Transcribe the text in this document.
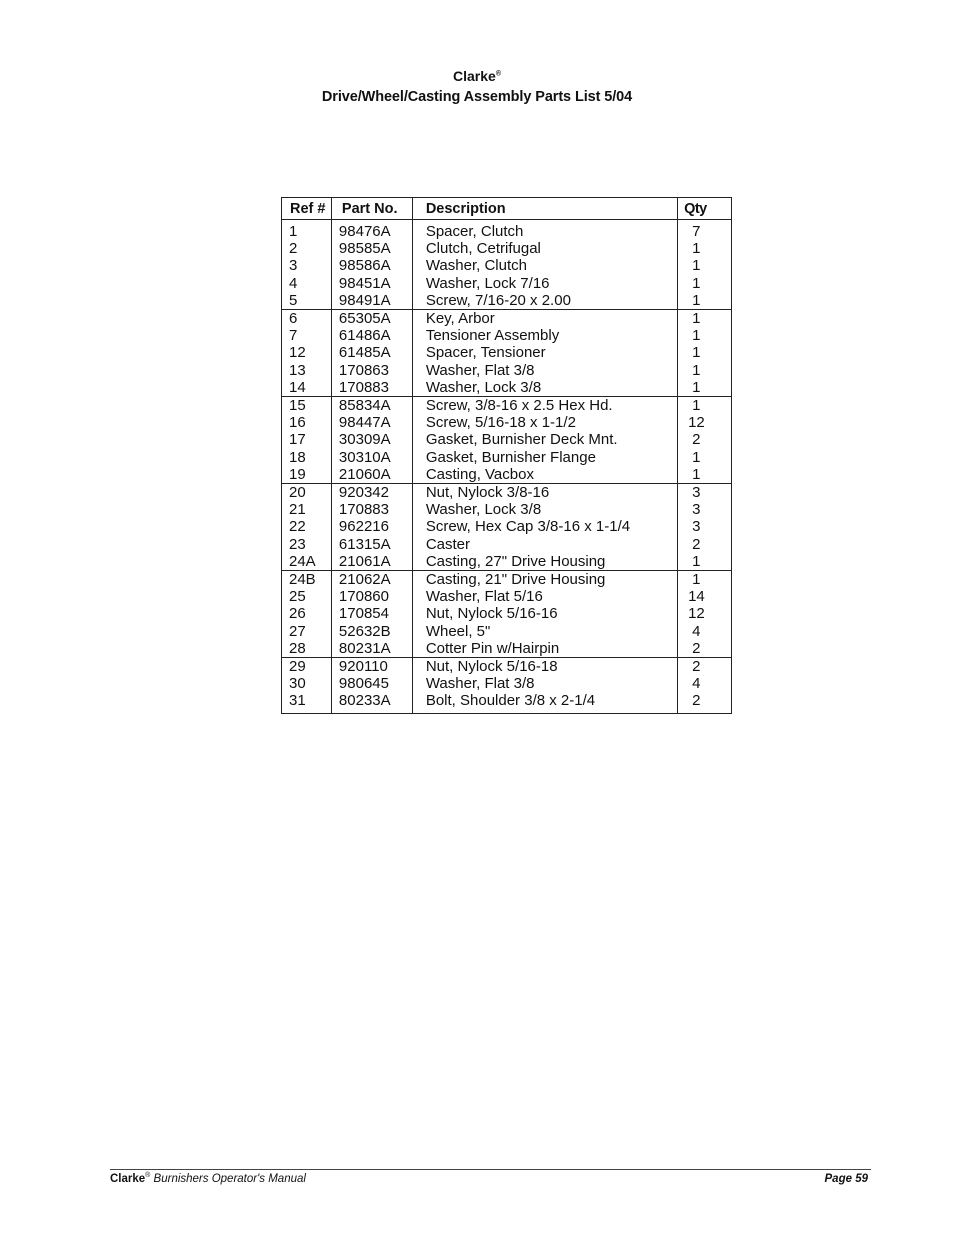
Clarke®
Drive/Wheel/Casting Assembly Parts List 5/04
Ref #	Part No.	Description	Qty
1	98476A	Spacer, Clutch	7
2	98585A	Clutch, Cetrifugal	1
3	98586A	Washer, Clutch	1
4	98451A	Washer, Lock 7/16	1
5	98491A	Screw, 7/16-20 x 2.00	1
6	65305A	Key, Arbor	1
7	61486A	Tensioner Assembly	1
12	61485A	Spacer, Tensioner	1
13	170863	Washer, Flat 3/8	1
14	170883	Washer, Lock 3/8	1
15	85834A	Screw, 3/8-16 x 2.5 Hex Hd.	1
16	98447A	Screw, 5/16-18 x 1-1/2	12
17	30309A	Gasket, Burnisher Deck Mnt.	2
18	30310A	Gasket, Burnisher Flange	1
19	21060A	Casting, Vacbox	1
20	920342	Nut, Nylock 3/8-16	3
21	170883	Washer, Lock 3/8	3
22	962216	Screw, Hex Cap 3/8-16 x 1-1/4	3
23	61315A	Caster	2
24A	21061A	Casting, 27" Drive Housing	1
24B	21062A	Casting, 21" Drive Housing	1
25	170860	Washer, Flat 5/16	14
26	170854	Nut, Nylock 5/16-16	12
27	52632B	Wheel, 5"	4
28	80231A	Cotter Pin w/Hairpin	2
29	920110	Nut, Nylock 5/16-18	2
30	980645	Washer, Flat 3/8	4
31	80233A	Bolt, Shoulder 3/8 x 2-1/4	2
Clarke® Burnishers Operator's Manual	Page 59
